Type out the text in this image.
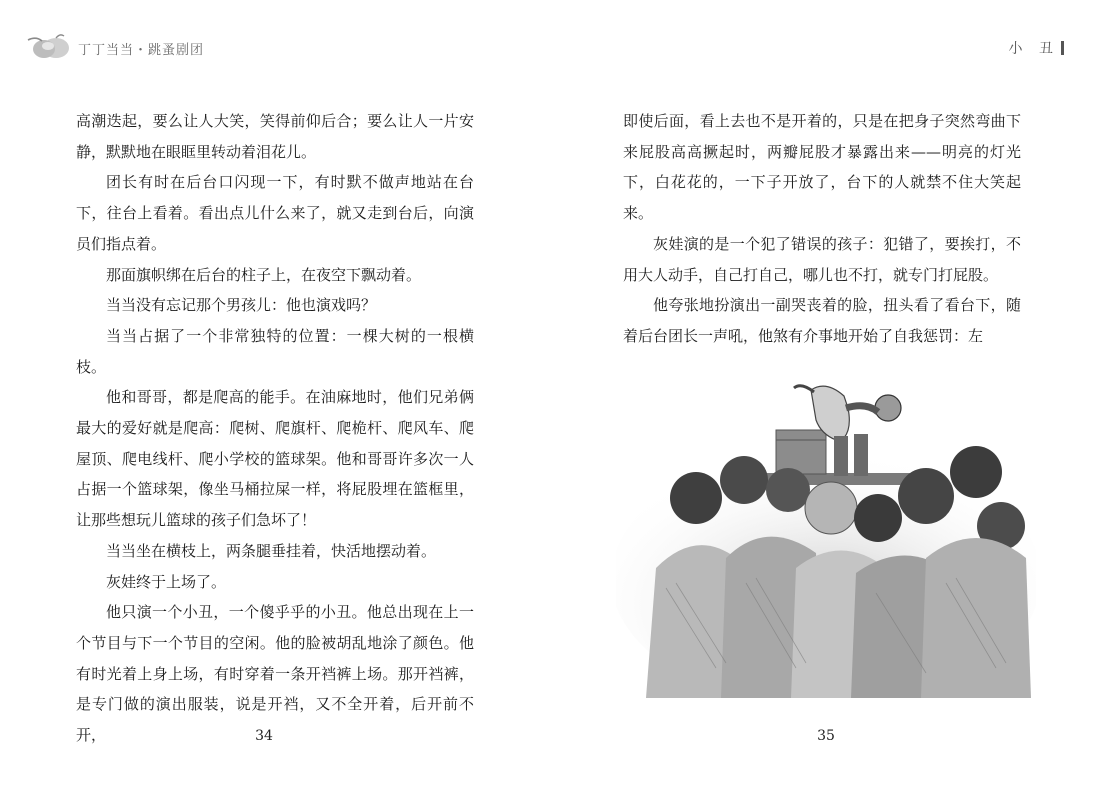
丁丁当当・跳蚤剧团

高潮迭起，要么让人大笑，笑得前仰后合；要么让人一片安静，默默地在眼眶里转动着泪花儿。

团长有时在后台口闪现一下，有时默不做声地站在台下，往台上看着。看出点儿什么来了，就又走到台后，向演员们指点着。

那面旗帜绑在后台的柱子上，在夜空下飘动着。

当当没有忘记那个男孩儿：他也演戏吗？

当当占据了一个非常独特的位置：一棵大树的一根横枝。

他和哥哥，都是爬高的能手。在油麻地时，他们兄弟俩最大的爱好就是爬高：爬树、爬旗杆、爬桅杆、爬风车、爬屋顶、爬电线杆、爬小学校的篮球架。他和哥哥许多次一人占据一个篮球架，像坐马桶拉屎一样，将屁股埋在篮框里，让那些想玩儿篮球的孩子们急坏了！

当当坐在横枝上，两条腿垂挂着，快活地摆动着。

灰娃终于上场了。

他只演一个小丑，一个傻乎乎的小丑。他总出现在上一个节目与下一个节目的空闲。他的脸被胡乱地涂了颜色。他有时光着上身上场，有时穿着一条开裆裤上场。那开裆裤，是专门做的演出服装，说是开裆，又不全开着，后开前不开，	34
小 丑

即使后面，看上去也不是开着的，只是在把身子突然弯曲下来屁股高高撅起时，两瓣屁股才暴露出来——明亮的灯光下，白花花的，一下子开放了，台下的人就禁不住大笑起来。

灰娃演的是一个犯了错误的孩子：犯错了，要挨打，不用大人动手，自己打自己，哪儿也不打，就专门打屁股。

他夸张地扮演出一副哭丧着的脸，扭头看了看台下，随着后台团长一声吼，他煞有介事地开始了自我惩罚：左

35
